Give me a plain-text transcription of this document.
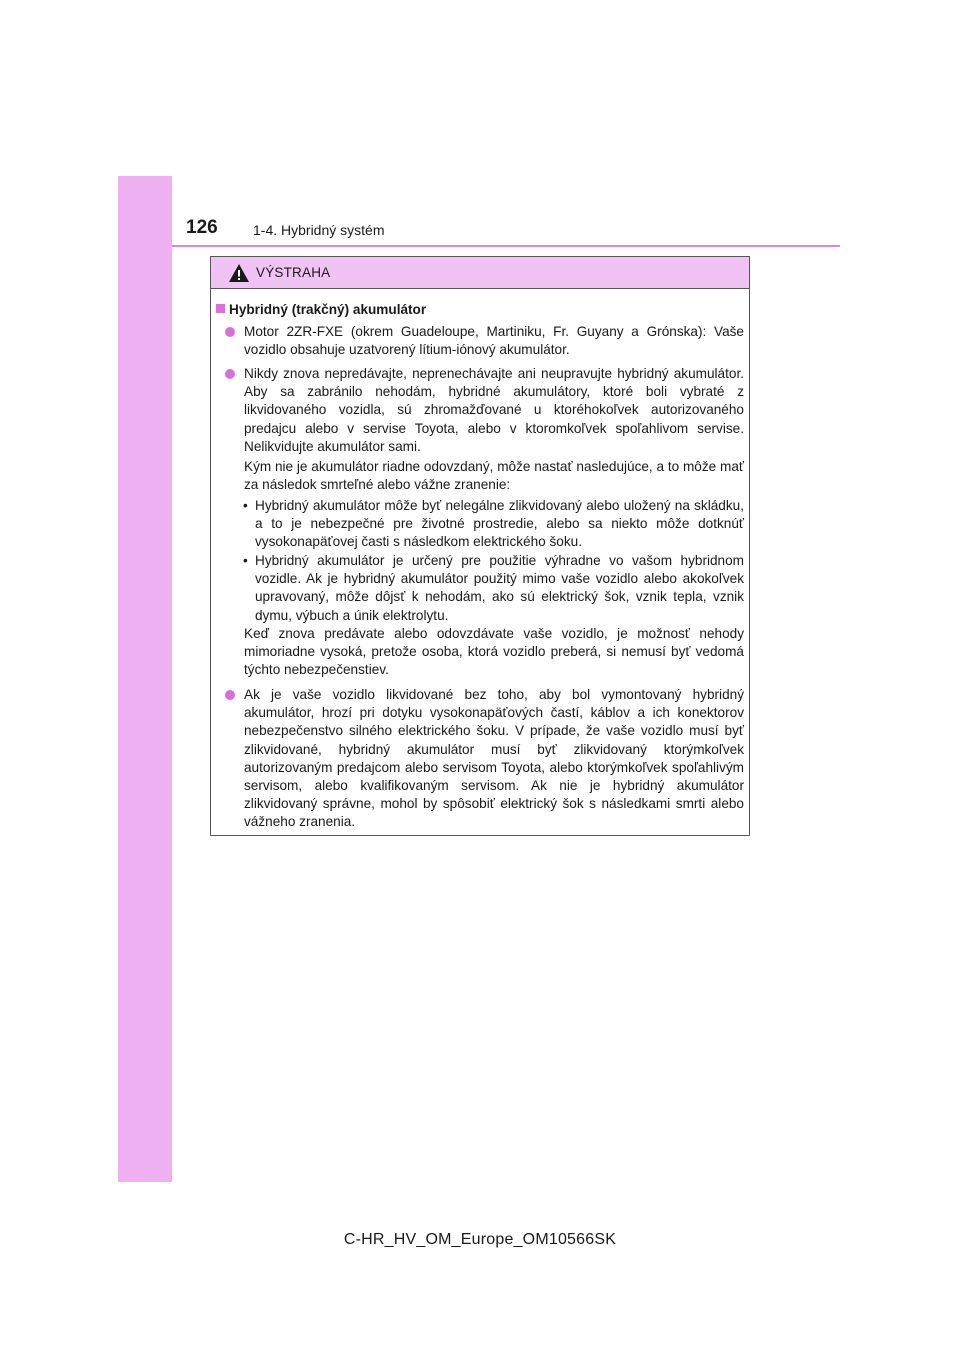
126	1-4. Hybridný systém
VÝSTRAHA
Hybridný (trakčný) akumulátor
Motor 2ZR-FXE (okrem Guadeloupe, Martiniku, Fr. Guyany a Grónska): Vaše vozidlo obsahuje uzatvorený lítium-iónový akumulátor.
Nikdy znova nepredávajte, neprenechávajte ani neupravujte hybridný akumulátor. Aby sa zabránilo nehodám, hybridné akumulátory, ktoré boli vybraté z likvidovaného vozidla, sú zhromažďované u ktoréhokoľvek autorizovaného predajcu alebo v servise Toyota, alebo v ktoromkoľvek spoľahlivom servise. Nelikvidujte akumulátor sami.
Kým nie je akumulátor riadne odovzdaný, môže nastať nasledujúce, a to môže mať za následok smrteľné alebo vážne zranenie:
• Hybridný akumulátor môže byť nelegálne zlikvidovaný alebo uložený na skládku, a to je nebezpečné pre životné prostredie, alebo sa niekto môže dotknúť vysokonapäťovej časti s následkom elektrického šoku.
• Hybridný akumulátor je určený pre použitie výhradne vo vašom hybridnom vozidle. Ak je hybridný akumulátor použitý mimo vaše vozidlo alebo akokoľvek upravovaný, môže dôjsť k nehodám, ako sú elektrický šok, vznik tepla, vznik dymu, výbuch a únik elektrolytu.
Keď znova predávate alebo odovzdávate vaše vozidlo, je možnosť nehody mimoriadne vysoká, pretože osoba, ktorá vozidlo preberá, si nemusí byť vedomá týchto nebezpečenstiev.
Ak je vaše vozidlo likvidované bez toho, aby bol vymontovaný hybridný akumulátor, hrozí pri dotyku vysokonapäťových častí, káblov a ich konektorov nebezpečenstvo silného elektrického šoku. V prípade, že vaše vozidlo musí byť zlikvidované, hybridný akumulátor musí byť zlikvidovaný ktorýmkoľvek autorizovaným predajcom alebo servisom Toyota, alebo ktorýmkoľvek spoľahlivým servisom, alebo kvalifikovaným servisom. Ak nie je hybridný akumulátor zlikvidovaný správne, mohol by spôsobiť elektrický šok s následkami smrti alebo vážneho zranenia.
C-HR_HV_OM_Europe_OM10566SK
